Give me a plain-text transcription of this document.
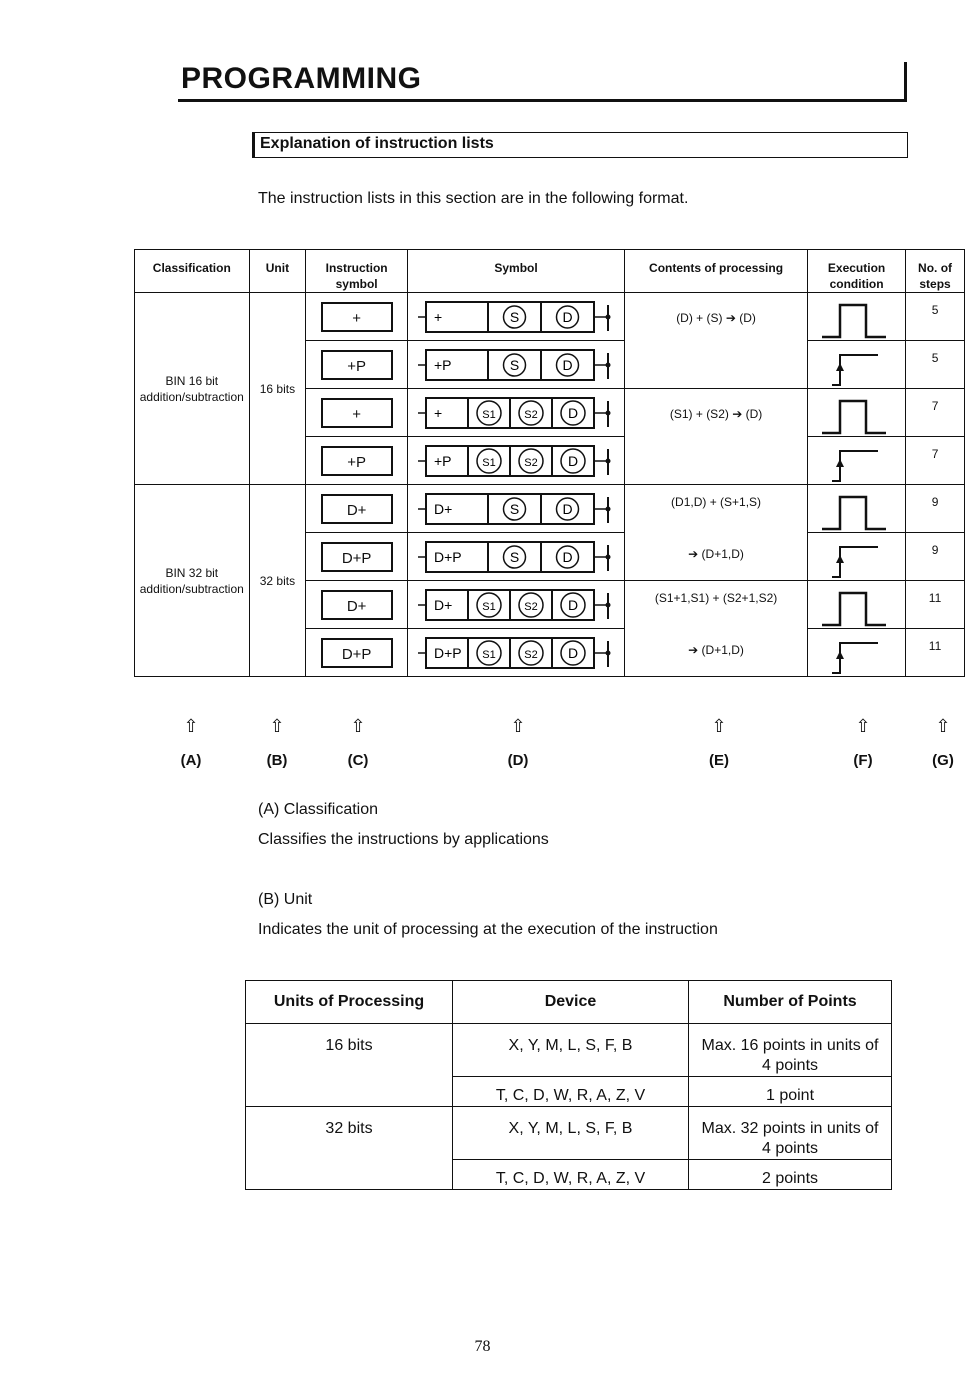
PROGRAMMING
Explanation of instruction lists
The instruction lists in this section are in the following format.
Classification	Unit	Instruction symbol	Symbol	Contents of processing	Execution condition	No. of steps
BIN 16 bit addition/subtraction	16 bits	+	+ S D	(D) + (S) ➔ (D)		5

		+P	+P S D			5

		+	+ S1 S2 D	(S1) + (S2) ➔ (D)		7

		+P	+P S1 S2 D			7
BIN 32 bit addition/subtraction	32 bits	D+	D+ S D	(D1,D) + (S+1,S)		9

		D+P	D+P S D	➔ (D+1,D)		9

		D+	D+ S1 S2 D	(S1+1,S1) + (S2+1,S2)		11

		D+P	D+P S1 S2 D	➔ (D+1,D)		11
⇧	⇧	⇧	⇧	⇧	⇧	⇧
(A)	(B)	(C)	(D)	(E)	(F)	(G)
(A) Classification
Classifies the instructions by applications
(B) Unit
Indicates the unit of processing at the execution of the instruction
Units of Processing	Device	Number of Points
16 bits	X, Y, M, L, S, F, B	Max. 16 points in units of 4 points
	T, C, D, W, R, A, Z, V	1 point
32 bits	X, Y, M, L, S, F, B	Max. 32 points in units of 4 points
	T, C, D, W, R, A, Z, V	2 points
78
